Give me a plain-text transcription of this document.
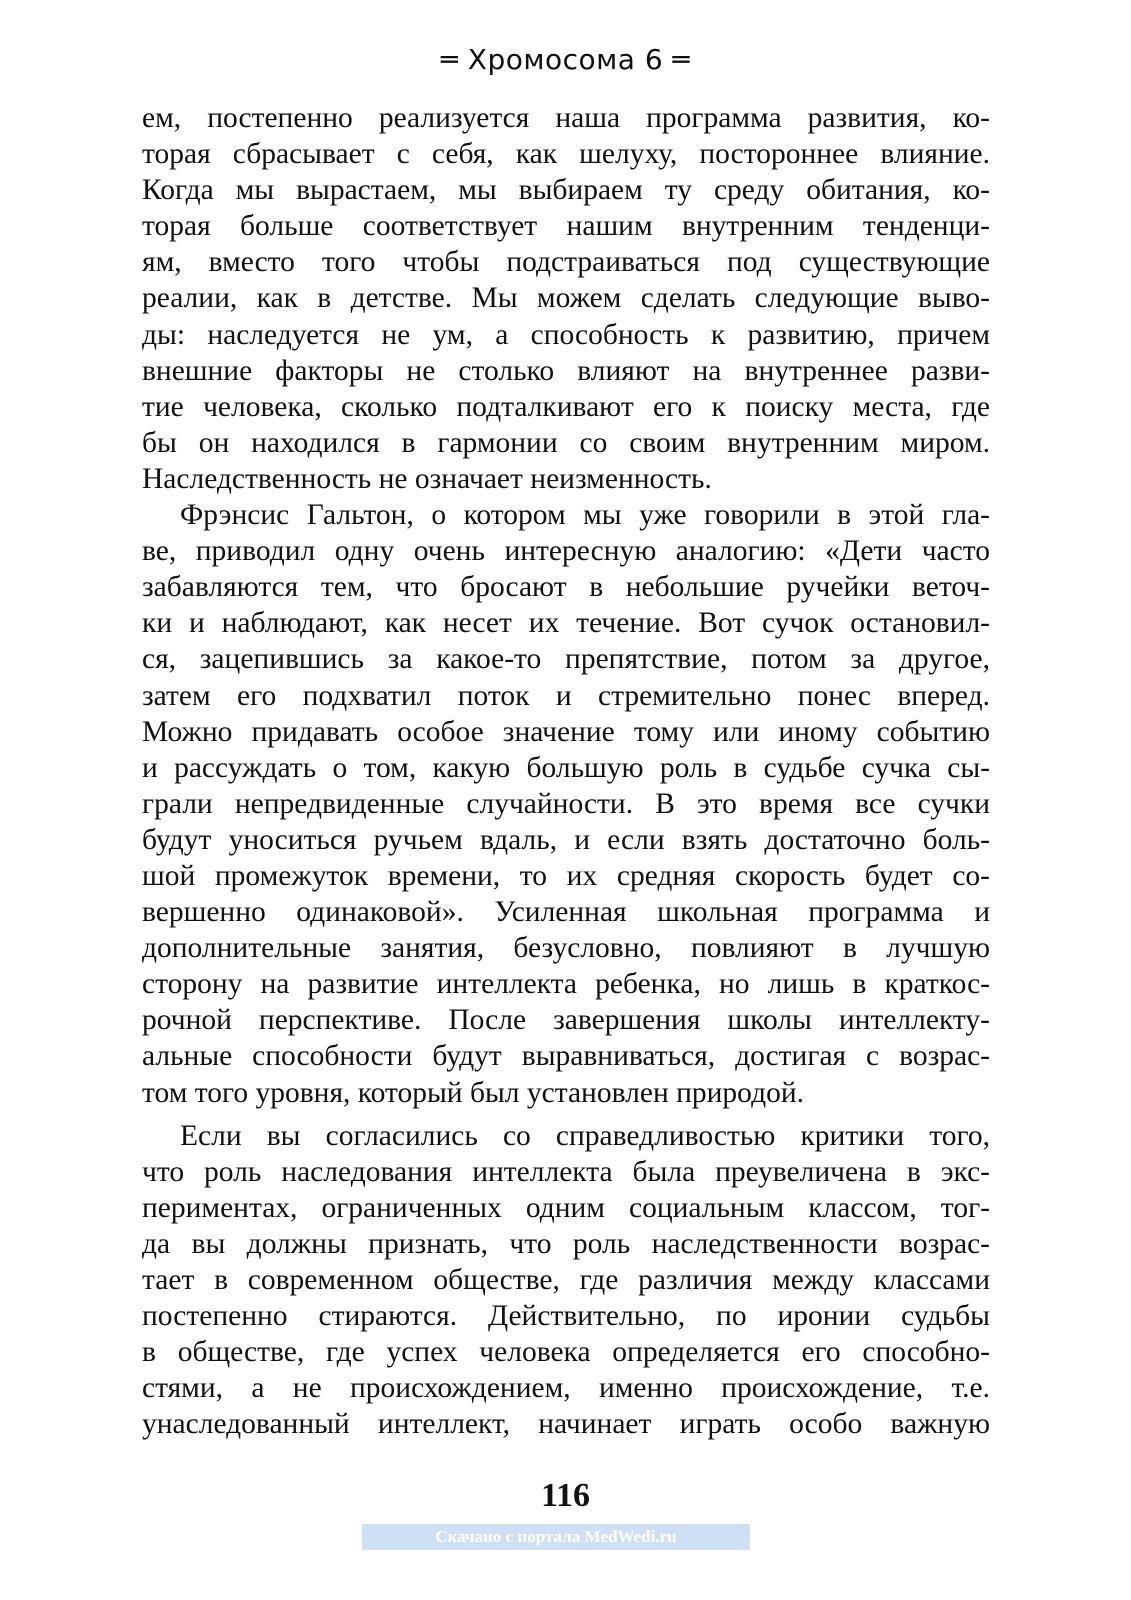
═ Хромосома 6 ═
ем, постепенно реализуется наша программа развития, ко-
торая сбрасывает с себя, как шелуху, постороннее влияние.
Когда мы вырастаем, мы выбираем ту среду обитания, ко-
торая больше соответствует нашим внутренним тенденци-
ям, вместо того чтобы подстраиваться под существующие
реалии, как в детстве. Мы можем сделать следующие выво-
ды: наследуется не ум, а способность к развитию, причем
внешние факторы не столько влияют на внутреннее разви-
тие человека, сколько подталкивают его к поиску места, где
бы он находился в гармонии со своим внутренним миром.
Наследственность не означает неизменность.
Фрэнсис Гальтон, о котором мы уже говорили в этой гла-
ве, приводил одну очень интересную аналогию: «Дети часто
забавляются тем, что бросают в небольшие ручейки веточ-
ки и наблюдают, как несет их течение. Вот сучок остановил-
ся, зацепившись за какое-то препятствие, потом за другое,
затем его подхватил поток и стремительно понес вперед.
Можно придавать особое значение тому или иному событию
и рассуждать о том, какую большую роль в судьбе сучка сы-
грали непредвиденные случайности. В это время все сучки
будут уноситься ручьем вдаль, и если взять достаточно боль-
шой промежуток времени, то их средняя скорость будет со-
вершенно одинаковой». Усиленная школьная программа и
дополнительные занятия, безусловно, повлияют в лучшую
сторону на развитие интеллекта ребенка, но лишь в краткос-
рочной перспективе. После завершения школы интеллекту-
альные способности будут выравниваться, достигая с возрас-
том того уровня, который был установлен природой.
Если вы согласились со справедливостью критики того,
что роль наследования интеллекта была преувеличена в экс-
периментах, ограниченных одним социальным классом, тог-
да вы должны признать, что роль наследственности возрас-
тает в современном обществе, где различия между классами
постепенно стираются. Действительно, по иронии судьбы
в обществе, где успех человека определяется его способно-
стями, а не происхождением, именно происхождение, т.е.
унаследованный интеллект, начинает играть особо важную
116
Скачано с портала MedWedi.ru
